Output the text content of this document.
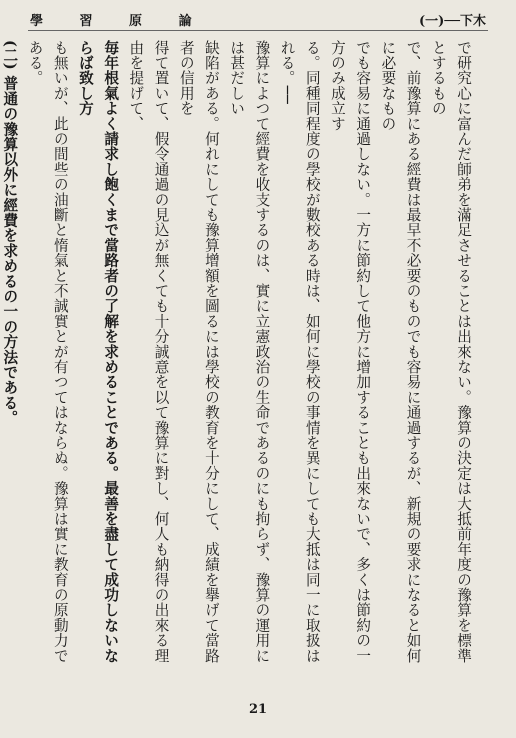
學 習 原 論	(一)──下木

で研究心に富んだ師弟を滿足させることは出來ない。豫算の決定は大抵前年度の豫算を標準とするもの

で、前豫算にある經費は最早不必要のものでも容易に通過するが、新規の要求になると如何に必要なもの

でも容易に通過しない。一方に節約して他方に增加することも出來ないで、多くは節約の一方のみ成立す

る。同種同程度の學校が數校ある時は、如何に學校の事情を異にしても大抵は同一に取扱はれる。──

豫算によつて經費を收支するのは、實に立憲政治の生命であるのにも拘らず、豫算の運用には甚だしい

缺陷がある。何れにしても豫算增額を圖るには學校の教育を十分にして、成績を擧げて當路者の信用を

得て置いて、假令通過の見込が無くても十分誠意を以て豫算に對し、何人も納得の出來る理由を提げて、

毎年根氣よく請求し飽くまで當路者の了解を求めることである。最善を盡して成功しないならば致し方

も無いが、此の間些の油斷と惰氣と不誠實とが有つてはならぬ。豫算は實に教育の原動力である。

(二) 普通の豫算以外に經費を求めるの一の方法である。

21
